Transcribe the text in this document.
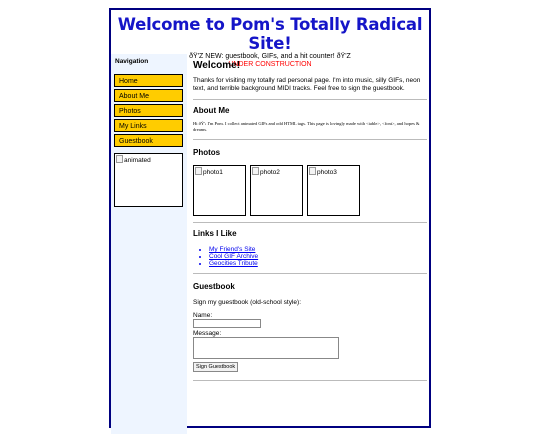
Welcome to Pom's Totally Radical Site!
ðŸ'Z NEW: guestbook, GIFs, and a hit counter! ðŸ'Z
UNDER CONSTRUCTION
Navigation
Home
About Me
Photos
My Links
Guestbook
animated
Welcome!

Thanks for visiting my totally rad personal page. I'm into music, silly GIFs, neon text, and terrible background MIDI tracks. Feel free to sign the guestbook.

About Me

Hi ðŸ'‹ I'm Pom. I collect animated GIFs and odd HTML tags. This page is lovingly made with <table>, <font>, and hopes & dreams.

Photos
photo1	photo2	photo3
Links I Like
• My Friend's Site
• Cool GIF Archive
• Geocities Tribute
Guestbook

Sign my guestbook (old-school style):

Name:
Message:
Sign Guestbook
